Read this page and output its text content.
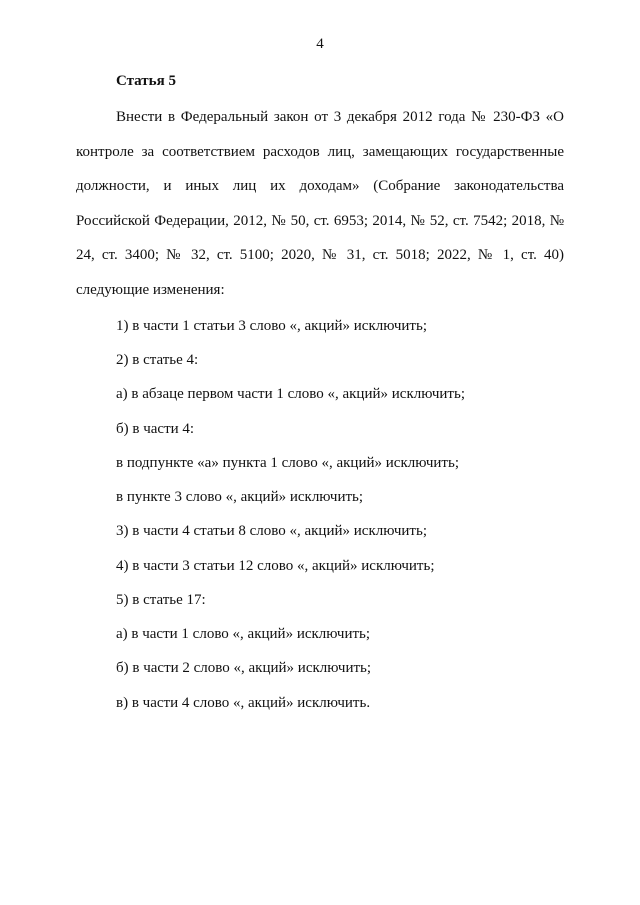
4
Статья 5

Внести в Федеральный закон от 3 декабря 2012 года № 230-ФЗ «О контроле за соответствием расходов лиц, замещающих государственные должности, и иных лиц их доходам» (Собрание законодательства Российской Федерации, 2012, № 50, ст. 6953; 2014, № 52, ст. 7542; 2018, № 24, ст. 3400; № 32, ст. 5100; 2020, № 31, ст. 5018; 2022, № 1, ст. 40) следующие изменения:

1) в части 1 статьи 3 слово «, акций» исключить;

2) в статье 4:

а) в абзаце первом части 1 слово «, акций» исключить;

б) в части 4:

в подпункте «а» пункта 1 слово «, акций» исключить;

в пункте 3 слово «, акций» исключить;

3) в части 4 статьи 8 слово «, акций» исключить;

4) в части 3 статьи 12 слово «, акций» исключить;

5) в статье 17:

а) в части 1 слово «, акций» исключить;

б) в части 2 слово «, акций» исключить;

в) в части 4 слово «, акций» исключить.
